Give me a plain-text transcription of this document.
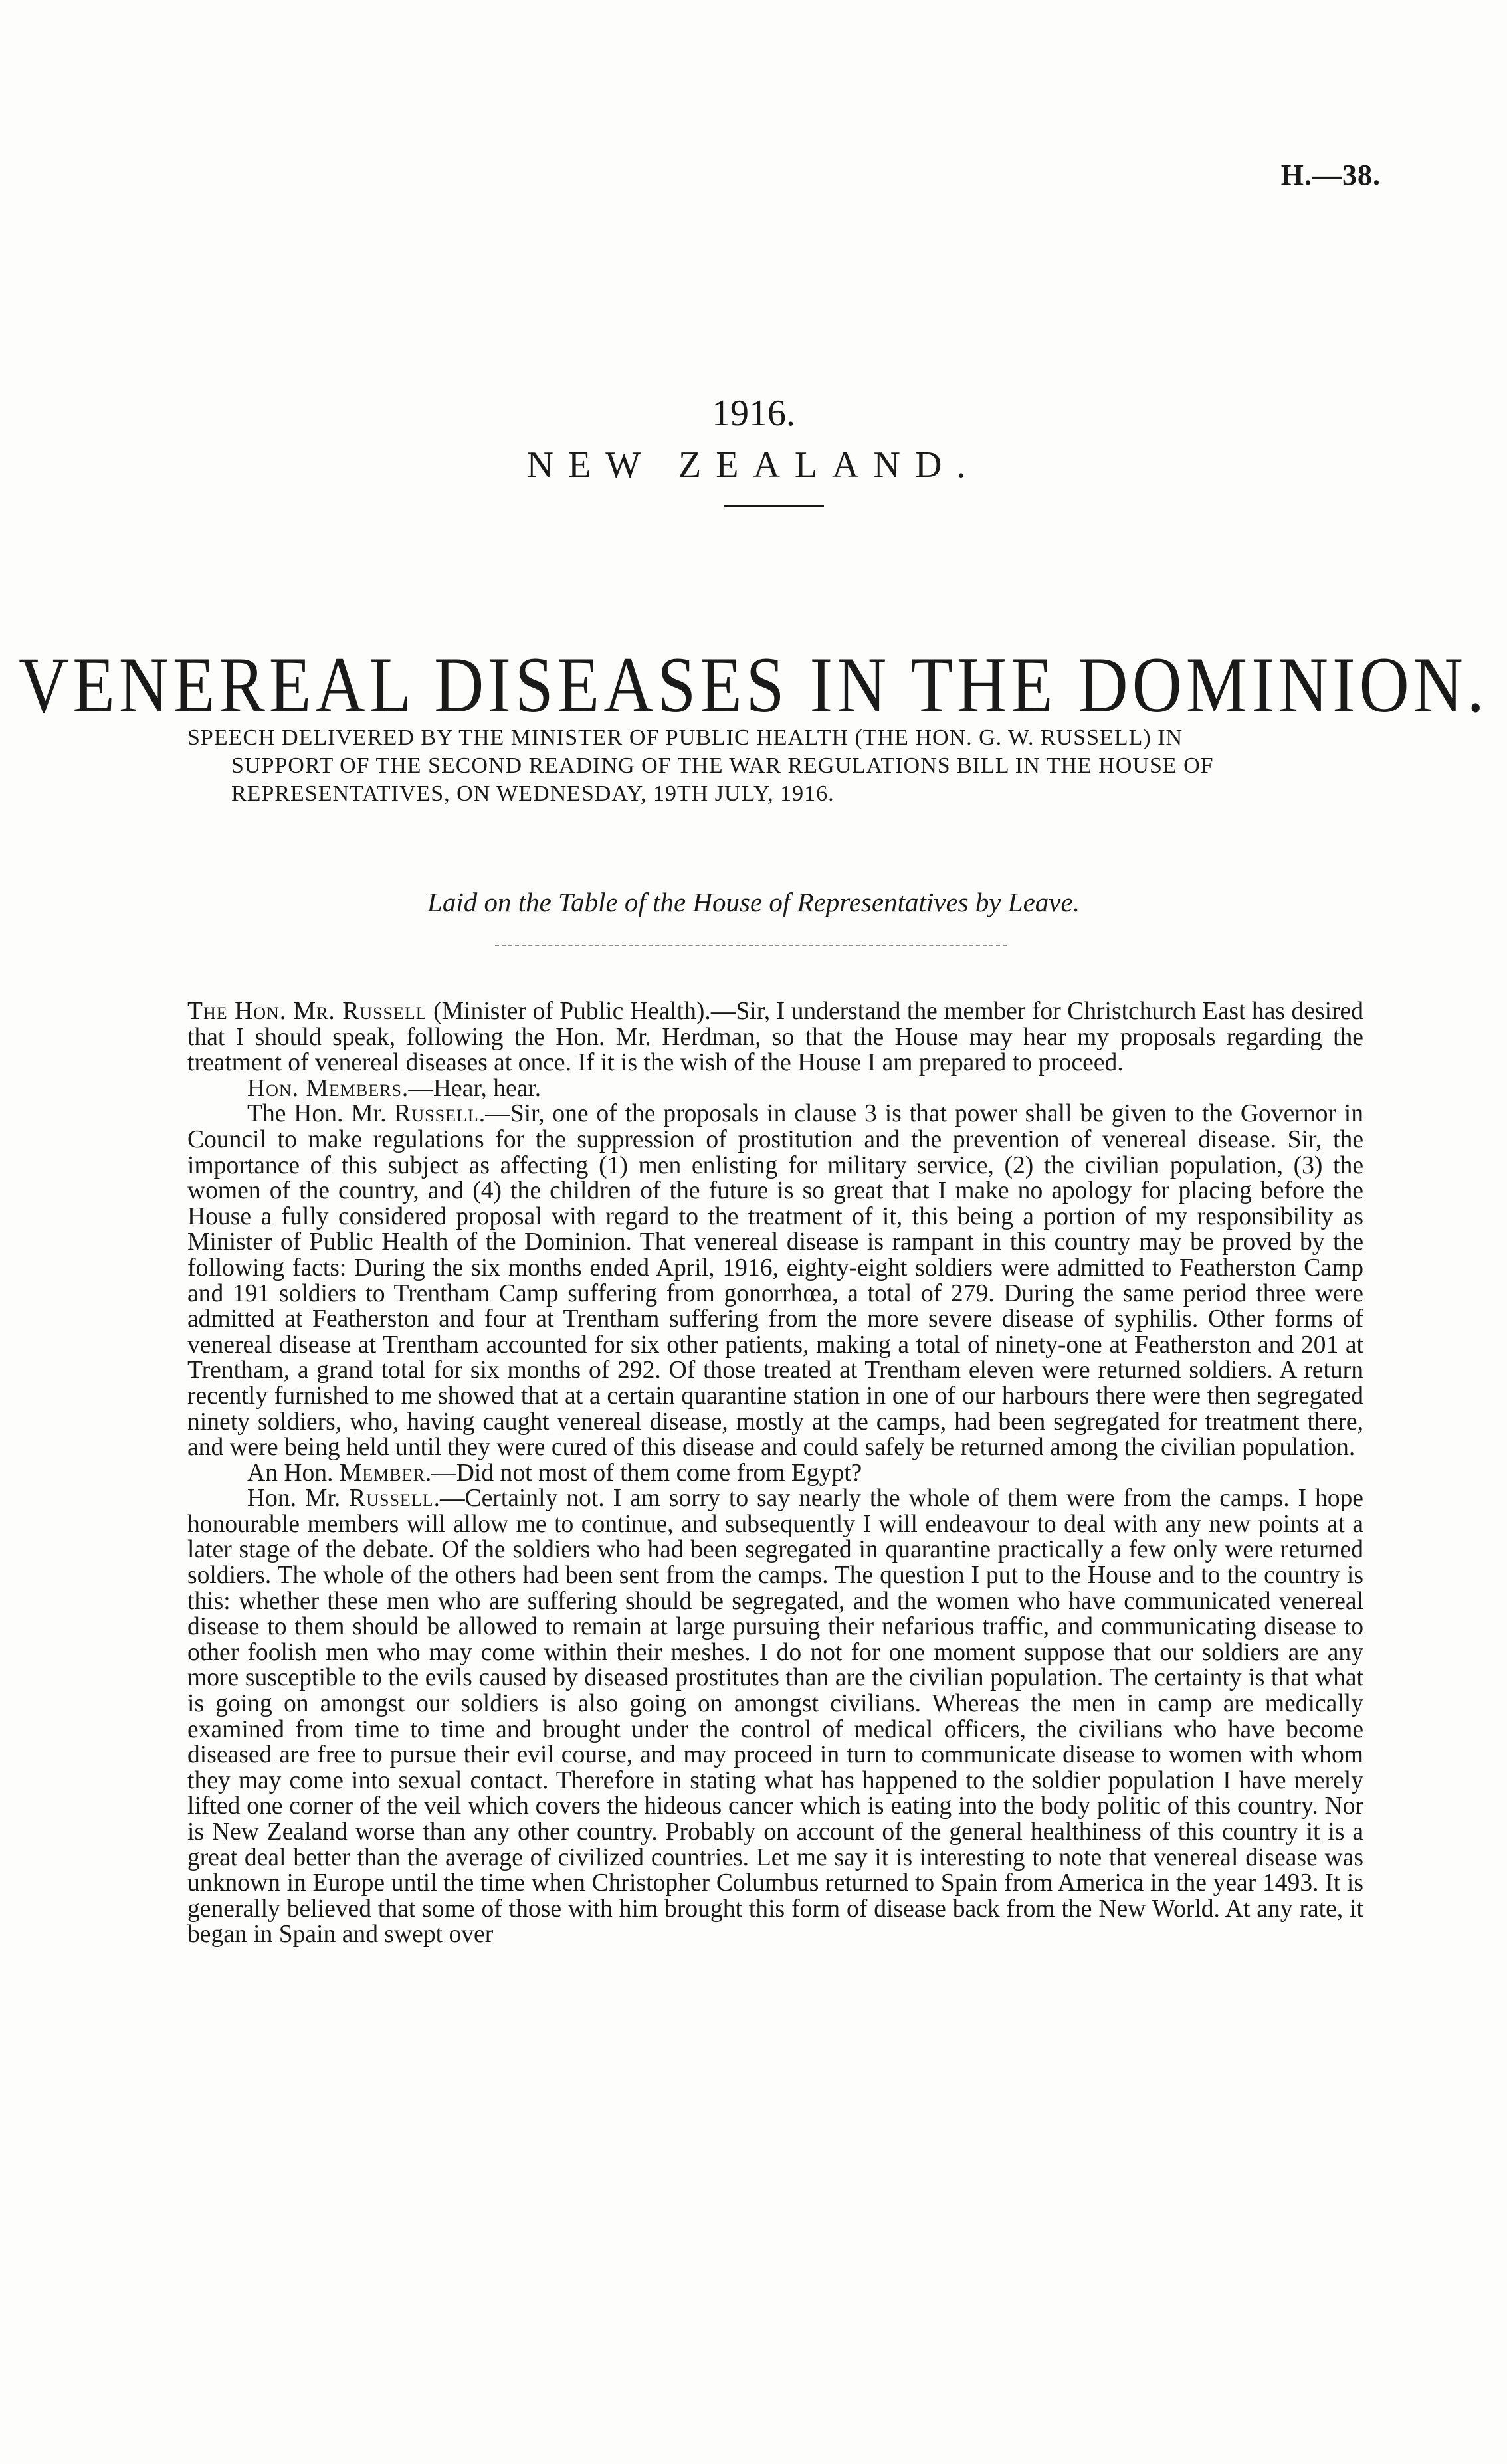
H.—38.
1916.
NEW ZEALAND.
VENEREAL DISEASES IN THE DOMINION.
SPEECH DELIVERED BY THE MINISTER OF PUBLIC HEALTH (THE HON. G. W. RUSSELL) IN
SUPPORT OF THE SECOND READING OF THE WAR REGULATIONS BILL IN THE HOUSE OF
REPRESENTATIVES, ON WEDNESDAY, 19TH JULY, 1916.
Laid on the Table of the House of Representatives by Leave.

The Hon. Mr. Russell (Minister of Public Health).—Sir, I understand the member for Christchurch East has desired that I should speak, following the Hon. Mr. Herdman, so that the House may hear my proposals regarding the treatment of venereal diseases at once. If it is the wish of the House I am prepared to proceed.

Hon. Members.—Hear, hear.

The Hon. Mr. Russell.—Sir, one of the proposals in clause 3 is that power shall be given to the Governor in Council to make regulations for the suppression of prostitution and the prevention of venereal disease. Sir, the importance of this subject as affecting (1) men enlisting for military service, (2) the civilian population, (3) the women of the country, and (4) the children of the future is so great that I make no apology for placing before the House a fully considered proposal with regard to the treatment of it, this being a portion of my responsibility as Minister of Public Health of the Dominion. That venereal disease is rampant in this country may be proved by the following facts: During the six months ended April, 1916, eighty-eight soldiers were admitted to Featherston Camp and 191 soldiers to Trentham Camp suffering from gonorrhœa, a total of 279. During the same period three were admitted at Featherston and four at Trentham suffering from the more severe disease of syphilis. Other forms of venereal disease at Trentham accounted for six other patients, making a total of ninety-one at Featherston and 201 at Trentham, a grand total for six months of 292. Of those treated at Trentham eleven were returned soldiers. A return recently furnished to me showed that at a certain quarantine station in one of our harbours there were then segregated ninety soldiers, who, having caught venereal disease, mostly at the camps, had been segregated for treatment there, and were being held until they were cured of this disease and could safely be returned among the civilian population.

An Hon. Member.—Did not most of them come from Egypt?

Hon. Mr. Russell.—Certainly not. I am sorry to say nearly the whole of them were from the camps. I hope honourable members will allow me to continue, and subsequently I will endeavour to deal with any new points at a later stage of the debate. Of the soldiers who had been segregated in quarantine practically a few only were returned soldiers. The whole of the others had been sent from the camps. The question I put to the House and to the country is this: whether these men who are suffering should be segregated, and the women who have communicated venereal disease to them should be allowed to remain at large pursuing their nefarious traffic, and communicating disease to other foolish men who may come within their meshes. I do not for one moment suppose that our soldiers are any more susceptible to the evils caused by diseased prostitutes than are the civilian population. The certainty is that what is going on amongst our soldiers is also going on amongst civilians. Whereas the men in camp are medically examined from time to time and brought under the control of medical officers, the civilians who have become diseased are free to pursue their evil course, and may proceed in turn to communicate disease to women with whom they may come into sexual contact. Therefore in stating what has happened to the soldier population I have merely lifted one corner of the veil which covers the hideous cancer which is eating into the body politic of this country. Nor is New Zealand worse than any other country. Probably on account of the general healthiness of this country it is a great deal better than the average of civilized countries. Let me say it is interesting to note that venereal disease was unknown in Europe until the time when Christopher Columbus returned to Spain from America in the year 1493. It is generally believed that some of those with him brought this form of disease back from the New World. At any rate, it began in Spain and swept over
